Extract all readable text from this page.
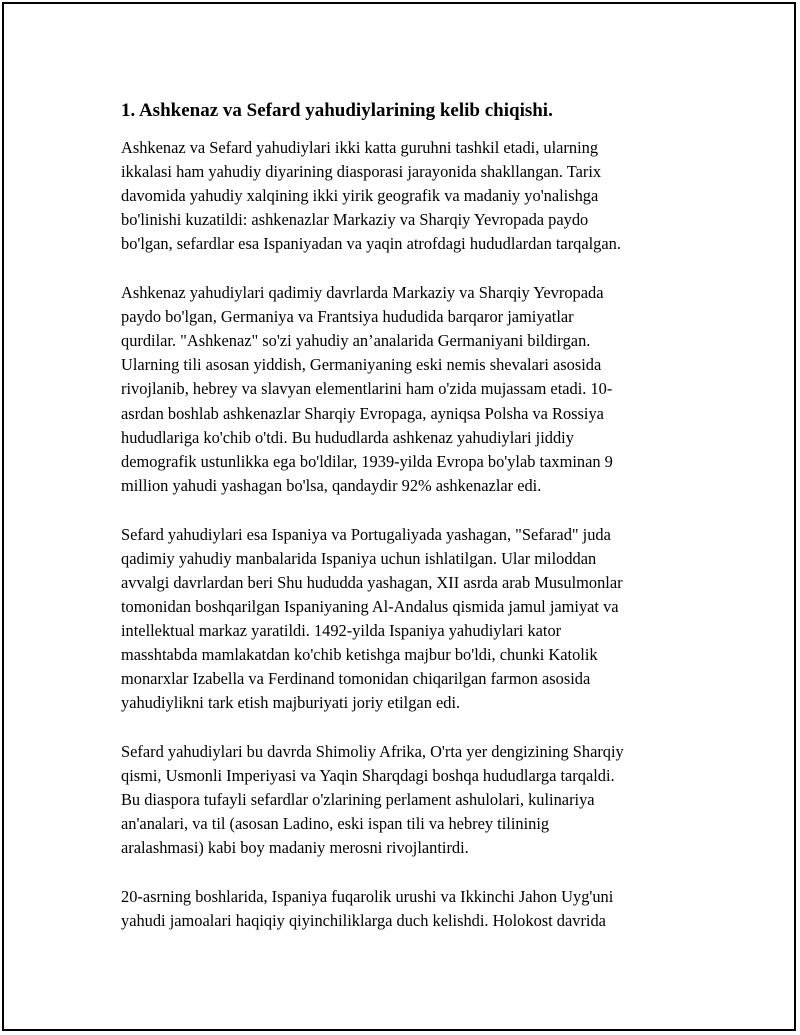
1. Ashkenaz va Sefard yahudiylarining kelib chiqishi.
Ashkenaz va Sefard yahudiylari ikki katta guruhni tashkil etadi, ularning
ikkalasi ham yahudiy diyarining diasporasi jarayonida shakllangan. Tarix
davomida yahudiy xalqining ikki yirik geografik va madaniy yo'nalishga
bo'linishi kuzatildi: ashkenazlar Markaziy va Sharqiy Yevropada paydo
bo'lgan, sefardlar esa Ispaniyadan va yaqin atrofdagi hududlardan tarqalgan.
Ashkenaz yahudiylari qadimiy davrlarda Markaziy va Sharqiy Yevropada
paydo bo'lgan, Germaniya va Frantsiya hududida barqaror jamiyatlar
qurdilar. "Ashkenaz" so'zi yahudiy an’analarida Germaniyani bildirgan.
Ularning tili asosan yiddish, Germaniyaning eski nemis shevalari asosida
rivojlanib, hebrey va slavyan elementlarini ham o'zida mujassam etadi. 10-
asrdan boshlab ashkenazlar Sharqiy Evropaga, ayniqsa Polsha va Rossiya
hududlariga ko'chib o'tdi. Bu hududlarda ashkenaz yahudiylari jiddiy
demografik ustunlikka ega bo'ldilar, 1939-yilda Evropa bo'ylab taxminan 9
million yahudi yashagan bo'lsa, qandaydir 92% ashkenazlar edi.
Sefard yahudiylari esa Ispaniya va Portugaliyada yashagan, "Sefarad" juda
qadimiy yahudiy manbalarida Ispaniya uchun ishlatilgan. Ular miloddan
avvalgi davrlardan beri Shu hududda yashagan, XII asrda arab Musulmonlar
tomonidan boshqarilgan Ispaniyaning Al-Andalus qismida jamul jamiyat va
intellektual markaz yaratildi. 1492-yilda Ispaniya yahudiylari kator
masshtabda mamlakatdan ko'chib ketishga majbur bo'ldi, chunki Katolik
monarxlar Izabella va Ferdinand tomonidan chiqarilgan farmon asosida
yahudiylikni tark etish majburiyati joriy etilgan edi.
Sefard yahudiylari bu davrda Shimoliy Afrika, O'rta yer dengizining Sharqiy
qismi, Usmonli Imperiyasi va Yaqin Sharqdagi boshqa hududlarga tarqaldi.
Bu diaspora tufayli sefardlar o'zlarining perlament ashulolari, kulinariya
an'analari, va til (asosan Ladino, eski ispan tili va hebrey tilininig
aralashmasi) kabi boy madaniy merosni rivojlantirdi.
20-asrning boshlarida, Ispaniya fuqarolik urushi va Ikkinchi Jahon Uyg'uni
yahudi jamoalari haqiqiy qiyinchiliklarga duch kelishdi. Holokost davrida
